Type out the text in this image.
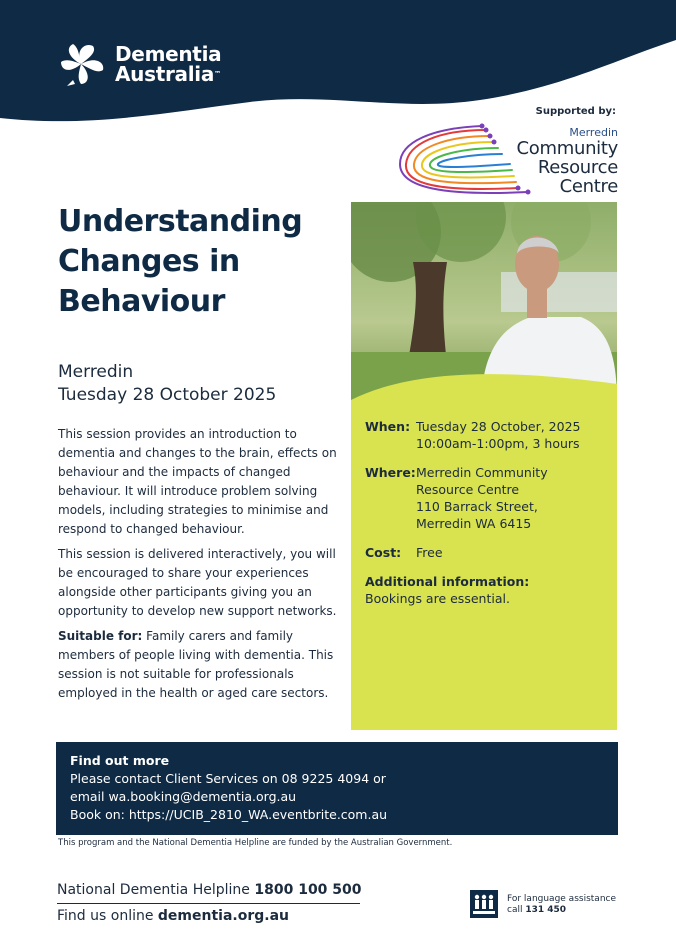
Dementia
Australia™
Supported by:
Merredin
Community
Resource
Centre
Understanding
Changes in
Behaviour
Merredin
Tuesday 28 October 2025

This session provides an introduction to dementia and changes to the brain, effects on behaviour and the impacts of changed behaviour. It will introduce problem solving models, including strategies to minimise and respond to changed behaviour.

This session is delivered interactively, you will be encouraged to share your experiences alongside other participants giving you an opportunity to develop new support networks.

Suitable for: Family carers and family members of people living with dementia. This session is not suitable for professionals employed in the health or aged care sectors.

When: Tuesday 28 October, 2025
10:00am-1:00pm, 3 hours
Where: Merredin Community
Resource Centre
110 Barrack Street,
Merredin WA 6415
Cost:	Free
Additional information:
Bookings are essential.
Find out more
Please contact Client Services on 08 9225 4094 or
email wa.booking@dementia.org.au
Book on: https://UCIB_2810_WA.eventbrite.com.au
This program and the National Dementia Helpline are funded by the Australian Government.
National Dementia Helpline 1800 100 500
Find us online dementia.org.au
For language assistance
call 131 450
